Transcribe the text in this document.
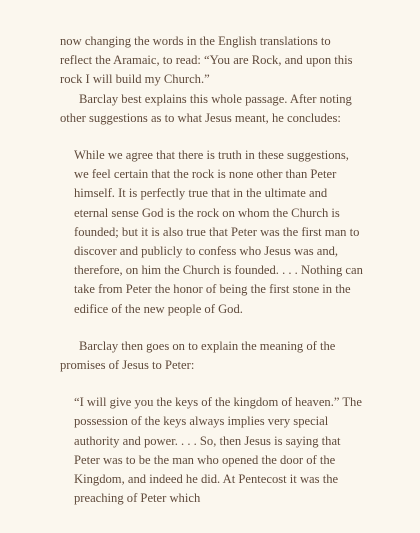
now changing the words in the English translations to reflect the Aramaic, to read: “You are Rock, and upon this rock I will build my Church.”

Barclay best explains this whole passage. After noting other suggestions as to what Jesus meant, he concludes:

While we agree that there is truth in these suggestions, we feel certain that the rock is none other than Peter himself. It is perfectly true that in the ultimate and eternal sense God is the rock on whom the Church is founded; but it is also true that Peter was the first man to discover and publicly to confess who Jesus was and, therefore, on him the Church is founded. . . . Nothing can take from Peter the honor of being the first stone in the edifice of the new people of God.

Barclay then goes on to explain the meaning of the promises of Jesus to Peter:

“I will give you the keys of the kingdom of heaven.” The possession of the keys always implies very special authority and power. . . . So, then Jesus is saying that Peter was to be the man who opened the door of the Kingdom, and indeed he did. At Pentecost it was the preaching of Peter which
